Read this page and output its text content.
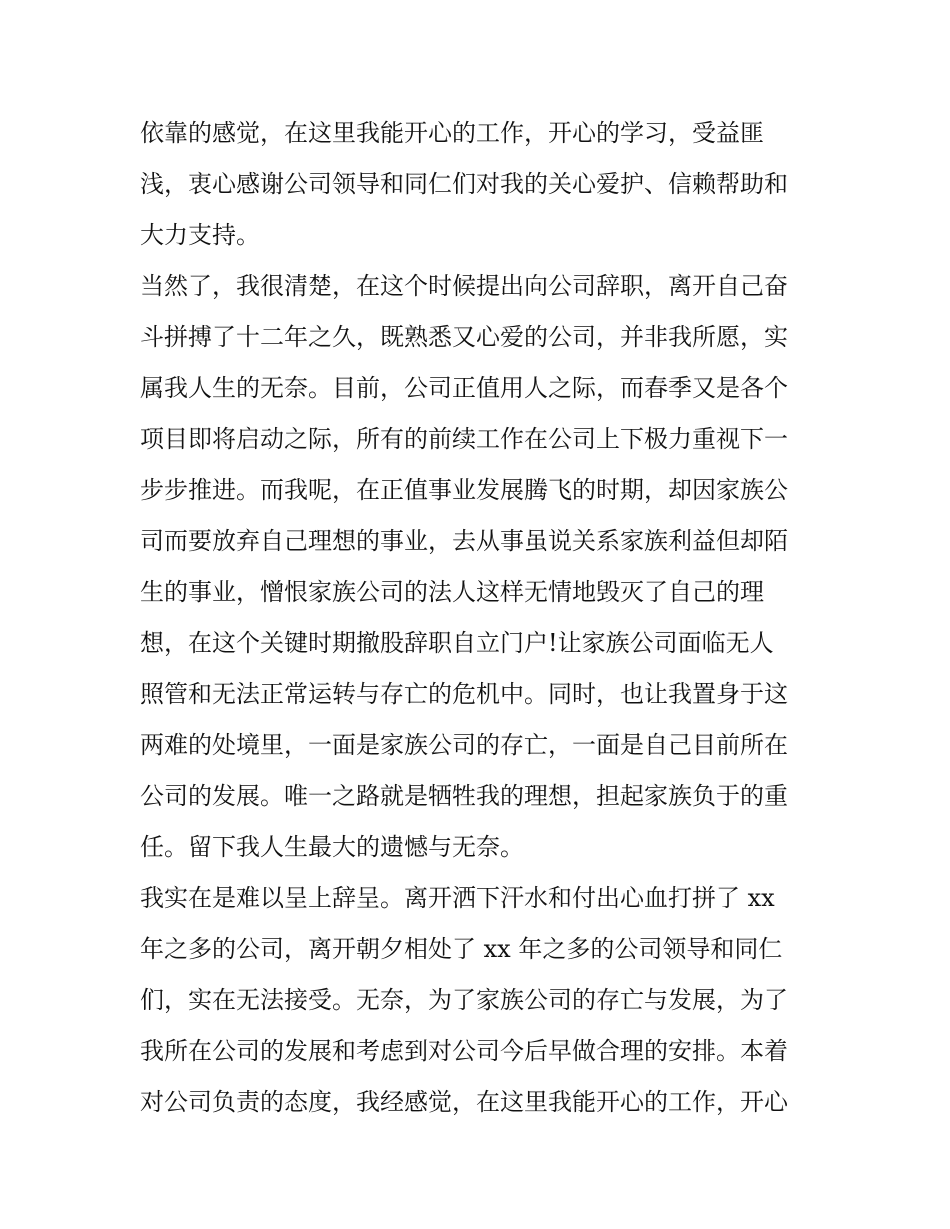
依靠的感觉，在这里我能开心的工作，开心的学习，受益匪
浅，衷心感谢公司领导和同仁们对我的关心爱护、信赖帮助和
大力支持。
当然了，我很清楚，在这个时候提出向公司辞职，离开自己奋
斗拼搏了十二年之久，既熟悉又心爱的公司，并非我所愿，实
属我人生的无奈。目前，公司正值用人之际，而春季又是各个
项目即将启动之际，所有的前续工作在公司上下极力重视下一
步步推进。而我呢，在正值事业发展腾飞的时期，却因家族公
司而要放弃自己理想的事业，去从事虽说关系家族利益但却陌
生的事业，憎恨家族公司的法人这样无情地毁灭了自己的理
想，在这个关键时期撤股辞职自立门户!让家族公司面临无人
照管和无法正常运转与存亡的危机中。同时，也让我置身于这
两难的处境里，一面是家族公司的存亡，一面是自己目前所在
公司的发展。唯一之路就是牺牲我的理想，担起家族负于的重
任。留下我人生最大的遗憾与无奈。
我实在是难以呈上辞呈。离开洒下汗水和付出心血打拼了 xx
年之多的公司，离开朝夕相处了 xx 年之多的公司领导和同仁
们，实在无法接受。无奈，为了家族公司的存亡与发展，为了
我所在公司的发展和考虑到对公司今后早做合理的安排。本着
对公司负责的态度，我经感觉，在这里我能开心的工作，开心
